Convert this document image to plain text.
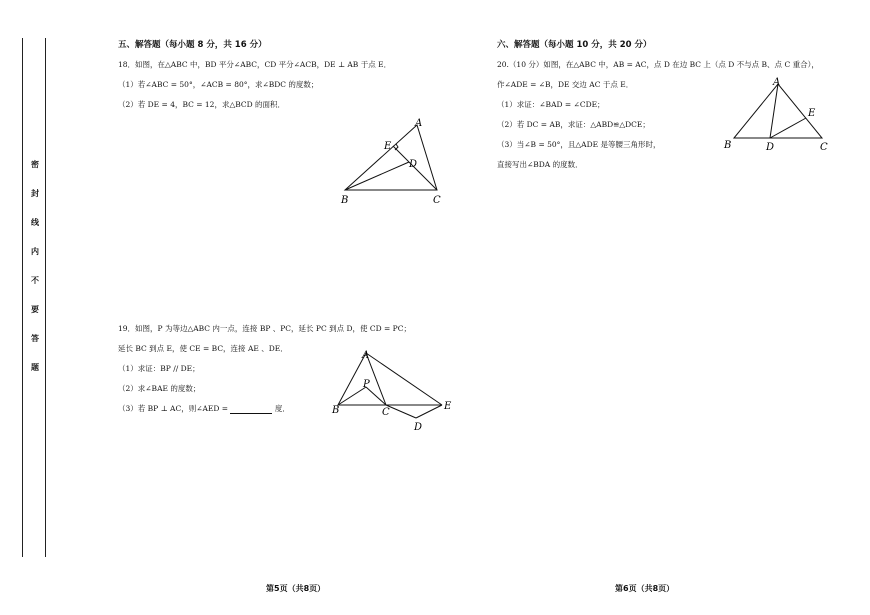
密
封
线
内
不
要
答
题
五、解答题（每小题 8 分，共 16 分）
18．如图，在△ABC 中，BD 平分∠ABC，CD 平分∠ACB，DE ⊥ AB 于点 E．
（1）若∠ABC = 50°，∠ACB = 80°，求∠BDC 的度数；
（2）若 DE = 4，BC = 12，求△BCD 的面积．
A
E
D
B	C
19．如图，P 为等边△ABC 内一点，连接 BP 、PC，延长 PC 到点 D，使 CD = PC；
延长 BC 到点 E，使 CE = BC，连接 AE 、DE．
（1）求证：BP // DE；
（2）求∠BAE 的度数；
（3）若 BP ⊥ AC，则∠AED =	度．
A
P
B	C
E
D
第5页（共8页）
六、解答题（每小题 10 分，共 20 分）
20.（10 分）如图，在△ABC 中，AB = AC，点 D 在边 BC 上（点 D 不与点 B、点 C 重合），
作∠ADE = ∠B，DE 交边 AC 于点 E．
（1）求证：∠BAD = ∠CDE；
（2）若 DC = AB，求证：△ABD≌△DCE；
（3）当∠B = 50°，且△ADE 是等腰三角形时，
直接写出∠BDA 的度数．
A
E
B	D	C
第6页（共8页）
